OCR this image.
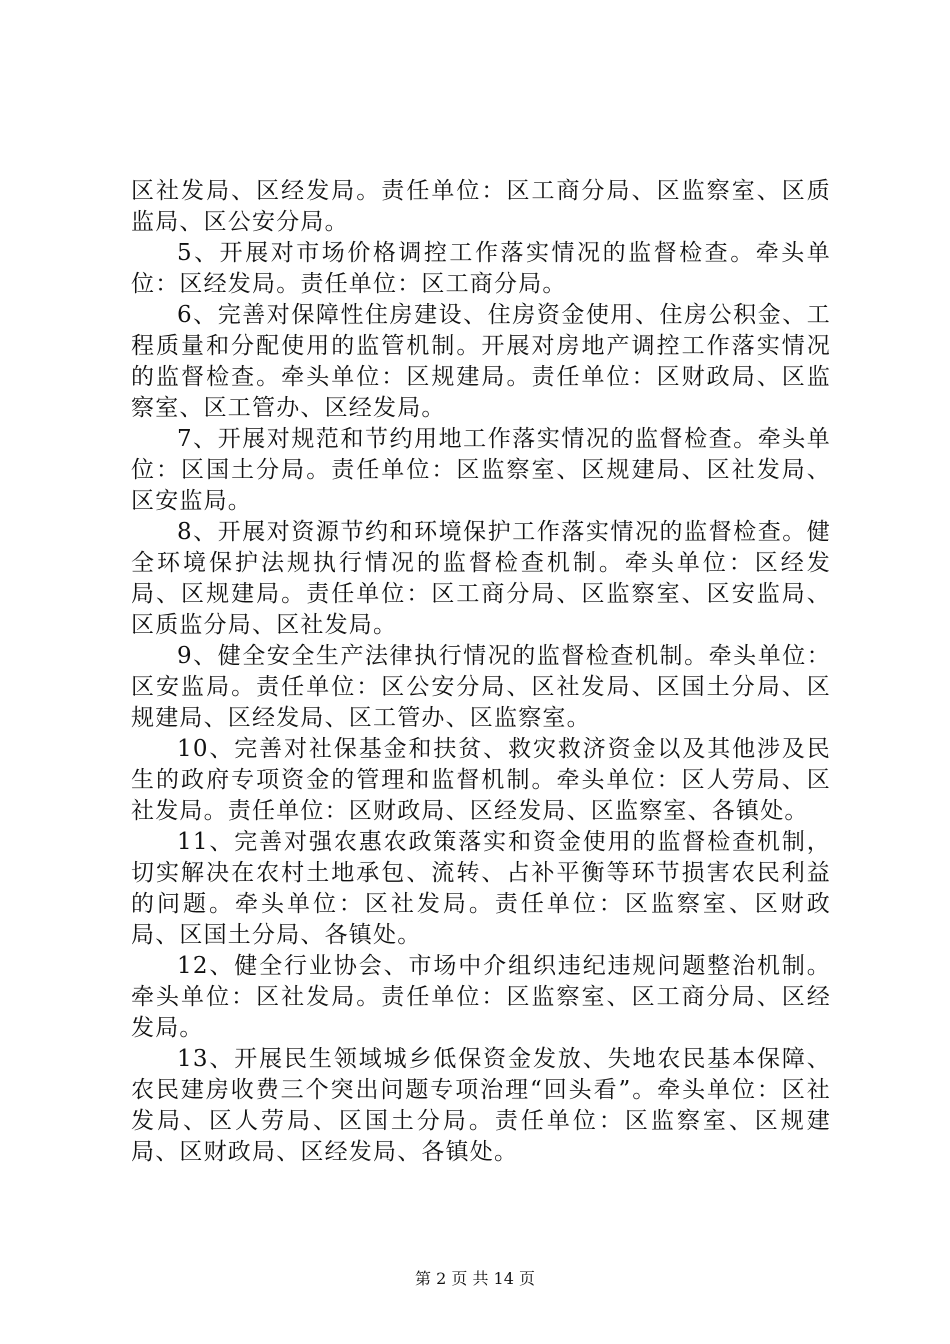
区社发局、区经发局。责任单位：区工商分局、区监察室、区质监局、区公安分局。

5、开展对市场价格调控工作落实情况的监督检查。牵头单位：区经发局。责任单位：区工商分局。

6、完善对保障性住房建设、住房资金使用、住房公积金、工程质量和分配使用的监管机制。开展对房地产调控工作落实情况的监督检查。牵头单位：区规建局。责任单位：区财政局、区监察室、区工管办、区经发局。

7、开展对规范和节约用地工作落实情况的监督检查。牵头单位：区国土分局。责任单位：区监察室、区规建局、区社发局、区安监局。

8、开展对资源节约和环境保护工作落实情况的监督检查。健全环境保护法规执行情况的监督检查机制。牵头单位：区经发局、区规建局。责任单位：区工商分局、区监察室、区安监局、区质监分局、区社发局。

9、健全安全生产法律执行情况的监督检查机制。牵头单位：区安监局。责任单位：区公安分局、区社发局、区国土分局、区规建局、区经发局、区工管办、区监察室。

10、完善对社保基金和扶贫、救灾救济资金以及其他涉及民生的政府专项资金的管理和监督机制。牵头单位：区人劳局、区社发局。责任单位：区财政局、区经发局、区监察室、各镇处。

11、完善对强农惠农政策落实和资金使用的监督检查机制，切实解决在农村土地承包、流转、占补平衡等环节损害农民利益的问题。牵头单位：区社发局。责任单位：区监察室、区财政局、区国土分局、各镇处。

12、健全行业协会、市场中介组织违纪违规问题整治机制。牵头单位：区社发局。责任单位：区监察室、区工商分局、区经发局。

13、开展民生领域城乡低保资金发放、失地农民基本保障、农民建房收费三个突出问题专项治理“回头看”。牵头单位：区社发局、区人劳局、区国土分局。责任单位：区监察室、区规建局、区财政局、区经发局、各镇处。

第 2 页 共 14 页
